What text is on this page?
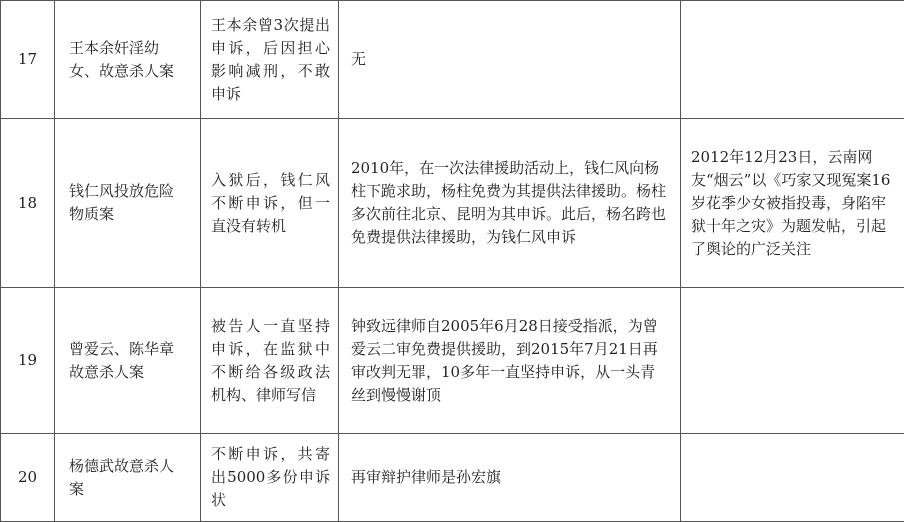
17	王本余奸淫幼女、故意杀人案	王本余曾3次提出申诉，后因担心影响减刑，不敢申诉	无	
18	钱仁风投放危险物质案	入狱后，钱仁风不断申诉，但一直没有转机	2010年，在一次法律援助活动上，钱仁风向杨柱下跪求助，杨柱免费为其提供法律援助。杨柱多次前往北京、昆明为其申诉。此后，杨名跨也免费提供法律援助，为钱仁风申诉	2012年12月23日，云南网友“烟云”以《巧家又现冤案16岁花季少女被指投毒，身陷牢狱十年之灾》为题发帖，引起了舆论的广泛关注
19	曾爱云、陈华章故意杀人案	被告人一直坚持申诉，在监狱中不断给各级政法机构、律师写信	钟致远律师自2005年6月28日接受指派，为曾爱云二审免费提供援助，到2015年7月21日再审改判无罪，10多年一直坚持申诉，从一头青丝到慢慢谢顶	
20	杨德武故意杀人案	不断申诉，共寄出5000多份申诉状	再审辩护律师是孙宏旗	
